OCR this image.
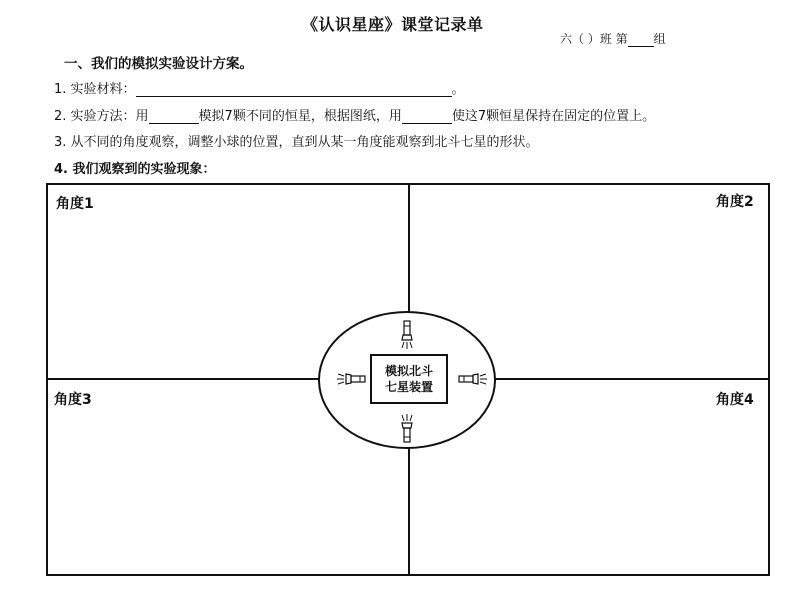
《认识星座》课堂记录单
六（ ）班 第 组
一、我们的模拟实验设计方案。
1. 实验材料：	。
2. 实验方法：用	模拟7颗不同的恒星，根据图纸，用	使这7颗恒星保持在固定的位置上。
3. 从不同的角度观察，调整小球的位置，直到从某一角度能观察到北斗七星的形状。
4. 我们观察到的实验现象：
角度1	角度2
角度3	角度4
模拟北斗
七星装置
